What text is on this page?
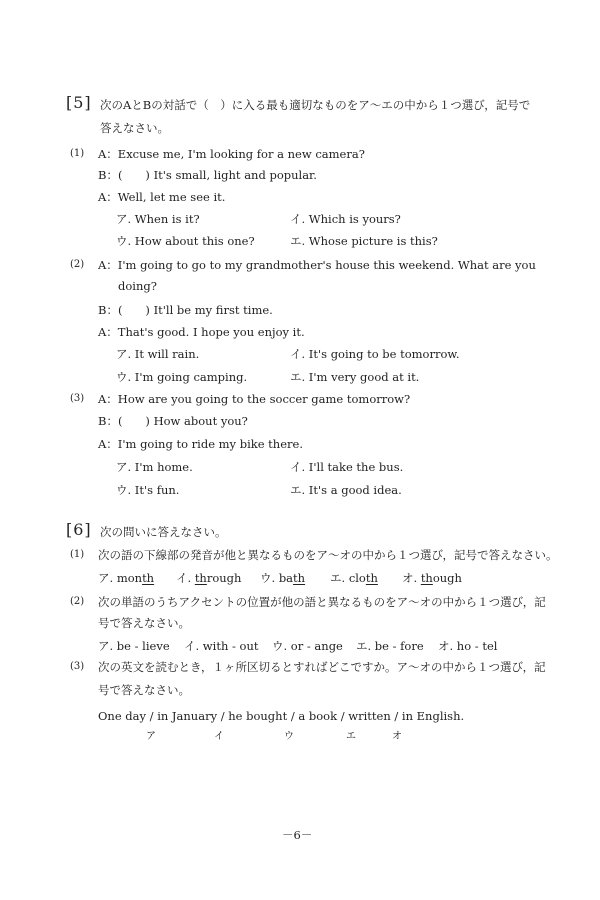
[5] 次のAとBの対話で（　）に入る最も適切なものをア～エの中から１つ選び，記号で
答えなさい。
(1) A：Excuse me, I'm looking for a new camera?
B：(　　) It's small, light and popular.
A：Well, let me see it.
ア. When is it?	イ. Which is yours?
ウ. How about this one?	エ. Whose picture is this?
(2) A：I'm going to go to my grandmother's house this weekend. What are you
doing?
B：(　　) It'll be my first time.
A：That's good. I hope you enjoy it.
ア. It will rain.	イ. It's going to be tomorrow.
ウ. I'm going camping.	エ. I'm very good at it.
(3) A：How are you going to the soccer game tomorrow?
B：(　　) How about you?
A：I'm going to ride my bike there.
ア. I'm home.	イ. I'll take the bus.
ウ. It's fun.	エ. It's a good idea.
[6] 次の問いに答えなさい。
(1) 次の語の下線部の発音が他と異なるものをア～オの中から１つ選び，記号で答えなさい。
ア. month イ. through ウ. bath エ. cloth オ. though
(2) 次の単語のうちアクセントの位置が他の語と異なるものをア～オの中から１つ選び，記
号で答えなさい。
ア. be - lieve イ. with - out ウ. or - ange エ. be - fore オ. ho - tel
(3) 次の英文を読むとき，１ヶ所区切るとすればどこですか。ア～オの中から１つ選び，記
号で答えなさい。
One day / in January / he bought / a book / written / in English.
ア	イ	ウ	エ	オ
－6－
